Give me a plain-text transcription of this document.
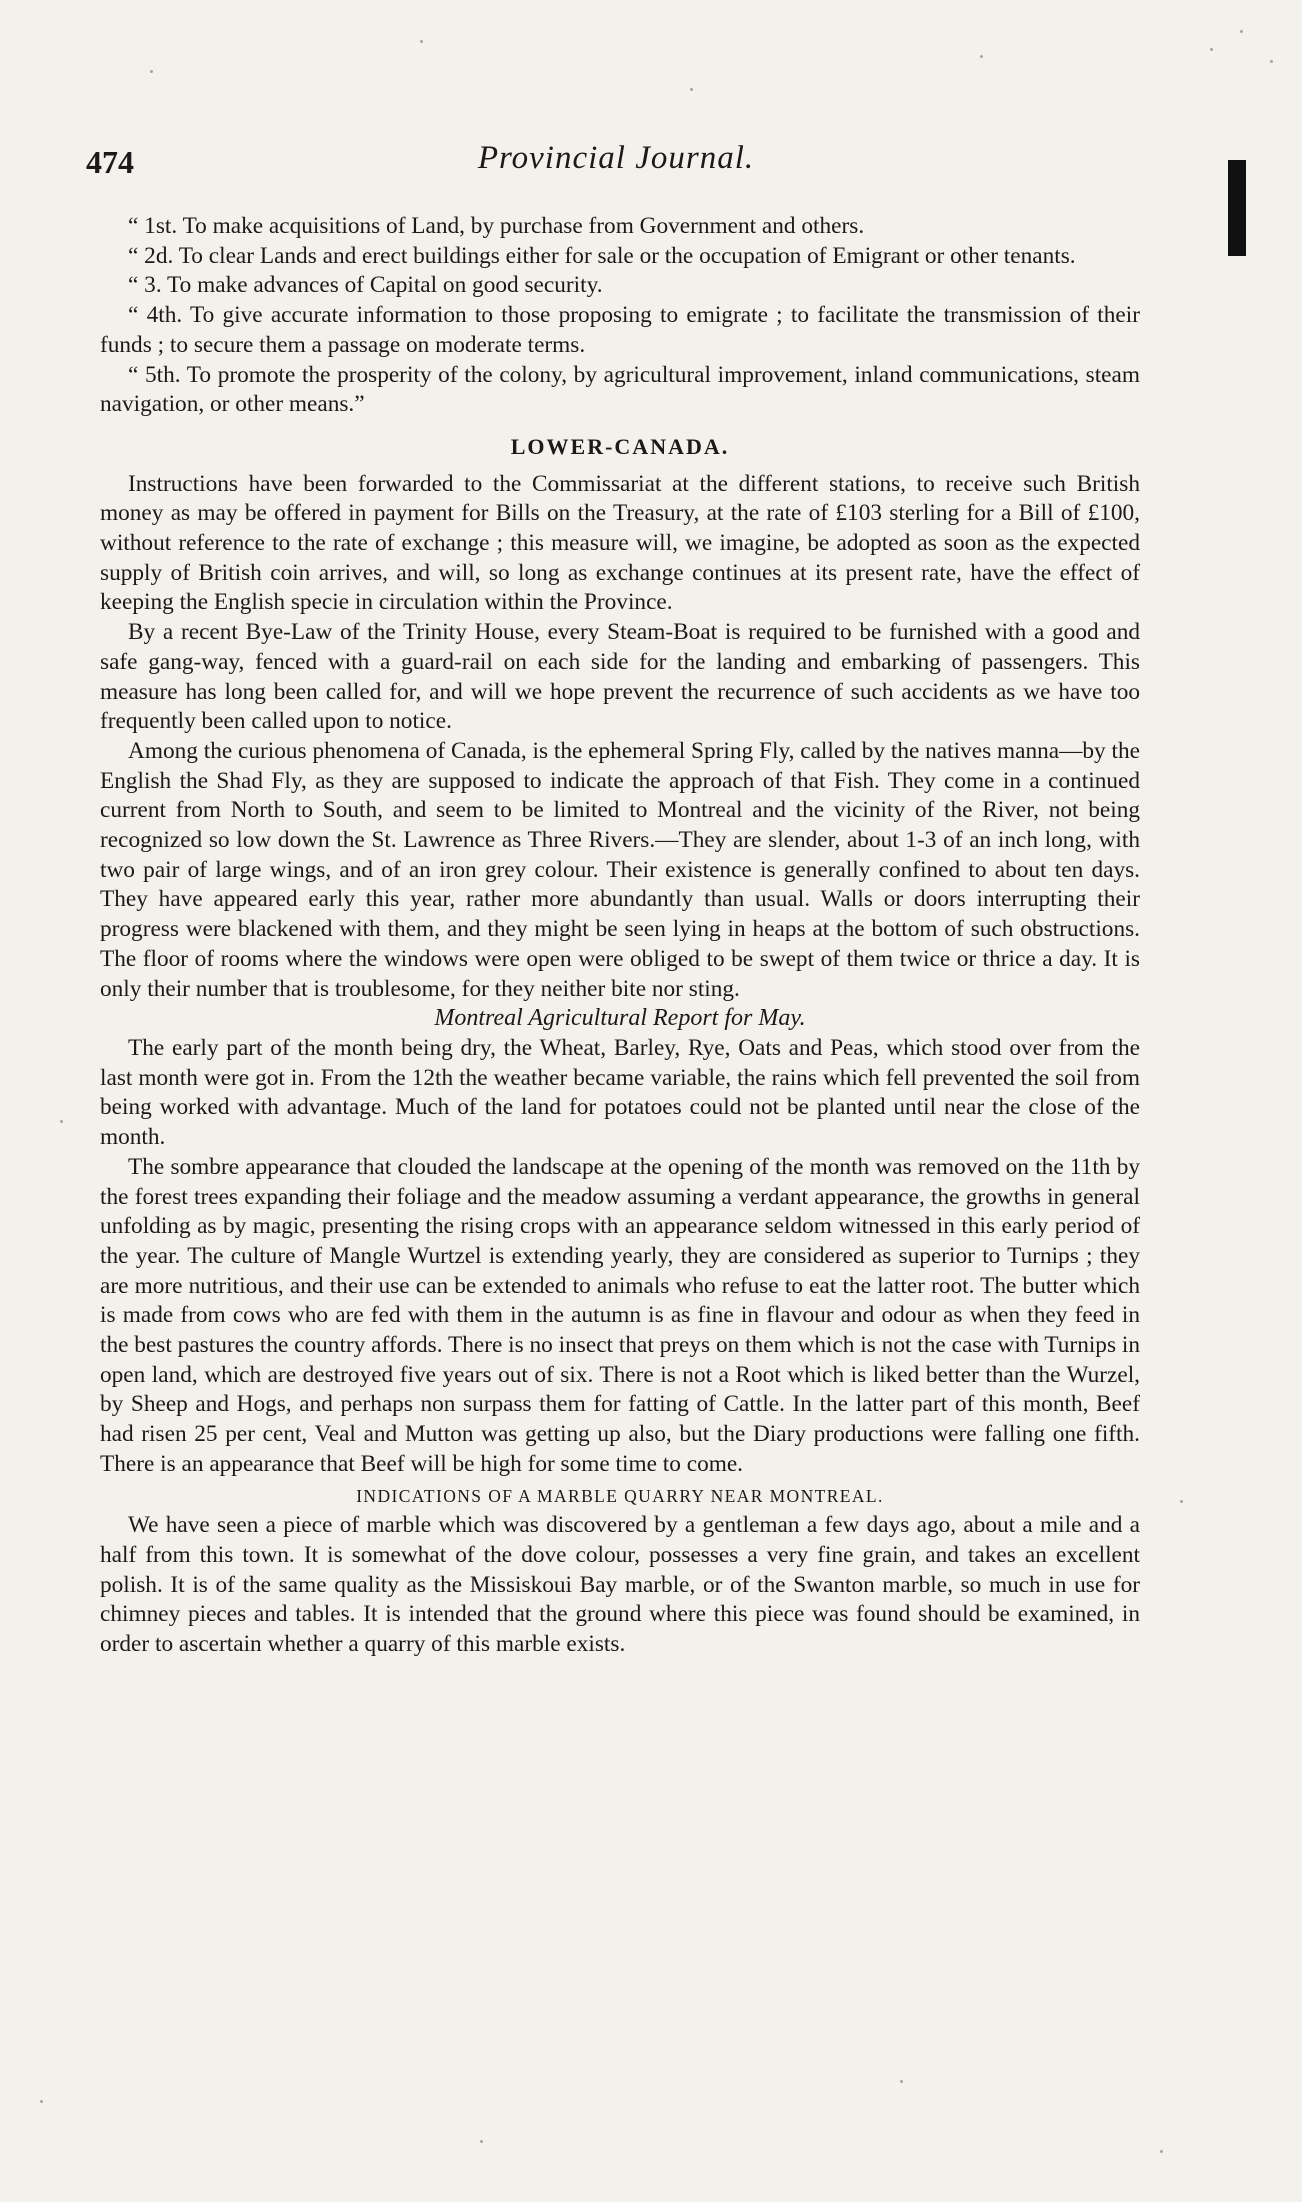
474	Provincial Journal.

“ 1st. To make acquisitions of Land, by purchase from Government and others.

“ 2d. To clear Lands and erect buildings either for sale or the occupation of Emigrant or other tenants.

“ 3. To make advances of Capital on good security.

“ 4th. To give accurate information to those proposing to emigrate ; to facilitate the transmission of their funds ; to secure them a passage on moderate terms.

“ 5th. To promote the prosperity of the colony, by agricultural improvement, inland communications, steam navigation, or other means.”

LOWER-CANADA.

Instructions have been forwarded to the Commissariat at the different stations, to receive such British money as may be offered in payment for Bills on the Treasury, at the rate of £103 sterling for a Bill of £100, without reference to the rate of exchange ; this measure will, we imagine, be adopted as soon as the expected supply of British coin arrives, and will, so long as exchange continues at its present rate, have the effect of keeping the English specie in circulation within the Province.

By a recent Bye-Law of the Trinity House, every Steam-Boat is required to be furnished with a good and safe gang-way, fenced with a guard-rail on each side for the landing and embarking of passengers. This measure has long been called for, and will we hope prevent the recurrence of such accidents as we have too frequently been called upon to notice.

Among the curious phenomena of Canada, is the ephemeral Spring Fly, called by the natives manna—by the English the Shad Fly, as they are supposed to indicate the approach of that Fish. They come in a continued current from North to South, and seem to be limited to Montreal and the vicinity of the River, not being recognized so low down the St. Lawrence as Three Rivers.—They are slender, about 1-3 of an inch long, with two pair of large wings, and of an iron grey colour. Their existence is generally confined to about ten days. They have appeared early this year, rather more abundantly than usual. Walls or doors interrupting their progress were blackened with them, and they might be seen lying in heaps at the bottom of such obstructions. The floor of rooms where the windows were open were obliged to be swept of them twice or thrice a day. It is only their number that is troublesome, for they neither bite nor sting.

Montreal Agricultural Report for May.

The early part of the month being dry, the Wheat, Barley, Rye, Oats and Peas, which stood over from the last month were got in. From the 12th the weather became variable, the rains which fell prevented the soil from being worked with advantage. Much of the land for potatoes could not be planted until near the close of the month.

The sombre appearance that clouded the landscape at the opening of the month was removed on the 11th by the forest trees expanding their foliage and the meadow assuming a verdant appearance, the growths in general unfolding as by magic, presenting the rising crops with an appearance seldom witnessed in this early period of the year. The culture of Mangle Wurtzel is extending yearly, they are considered as superior to Turnips ; they are more nutritious, and their use can be extended to animals who refuse to eat the latter root. The butter which is made from cows who are fed with them in the autumn is as fine in flavour and odour as when they feed in the best pastures the country affords. There is no insect that preys on them which is not the case with Turnips in open land, which are destroyed five years out of six. There is not a Root which is liked better than the Wurzel, by Sheep and Hogs, and perhaps non surpass them for fatting of Cattle. In the latter part of this month, Beef had risen 25 per cent, Veal and Mutton was getting up also, but the Diary productions were falling one fifth. There is an appearance that Beef will be high for some time to come.

INDICATIONS OF A MARBLE QUARRY NEAR MONTREAL.

We have seen a piece of marble which was discovered by a gentleman a few days ago, about a mile and a half from this town. It is somewhat of the dove colour, possesses a very fine grain, and takes an excellent polish. It is of the same quality as the Missiskoui Bay marble, or of the Swanton marble, so much in use for chimney pieces and tables. It is intended that the ground where this piece was found should be examined, in order to ascertain whether a quarry of this marble exists.
